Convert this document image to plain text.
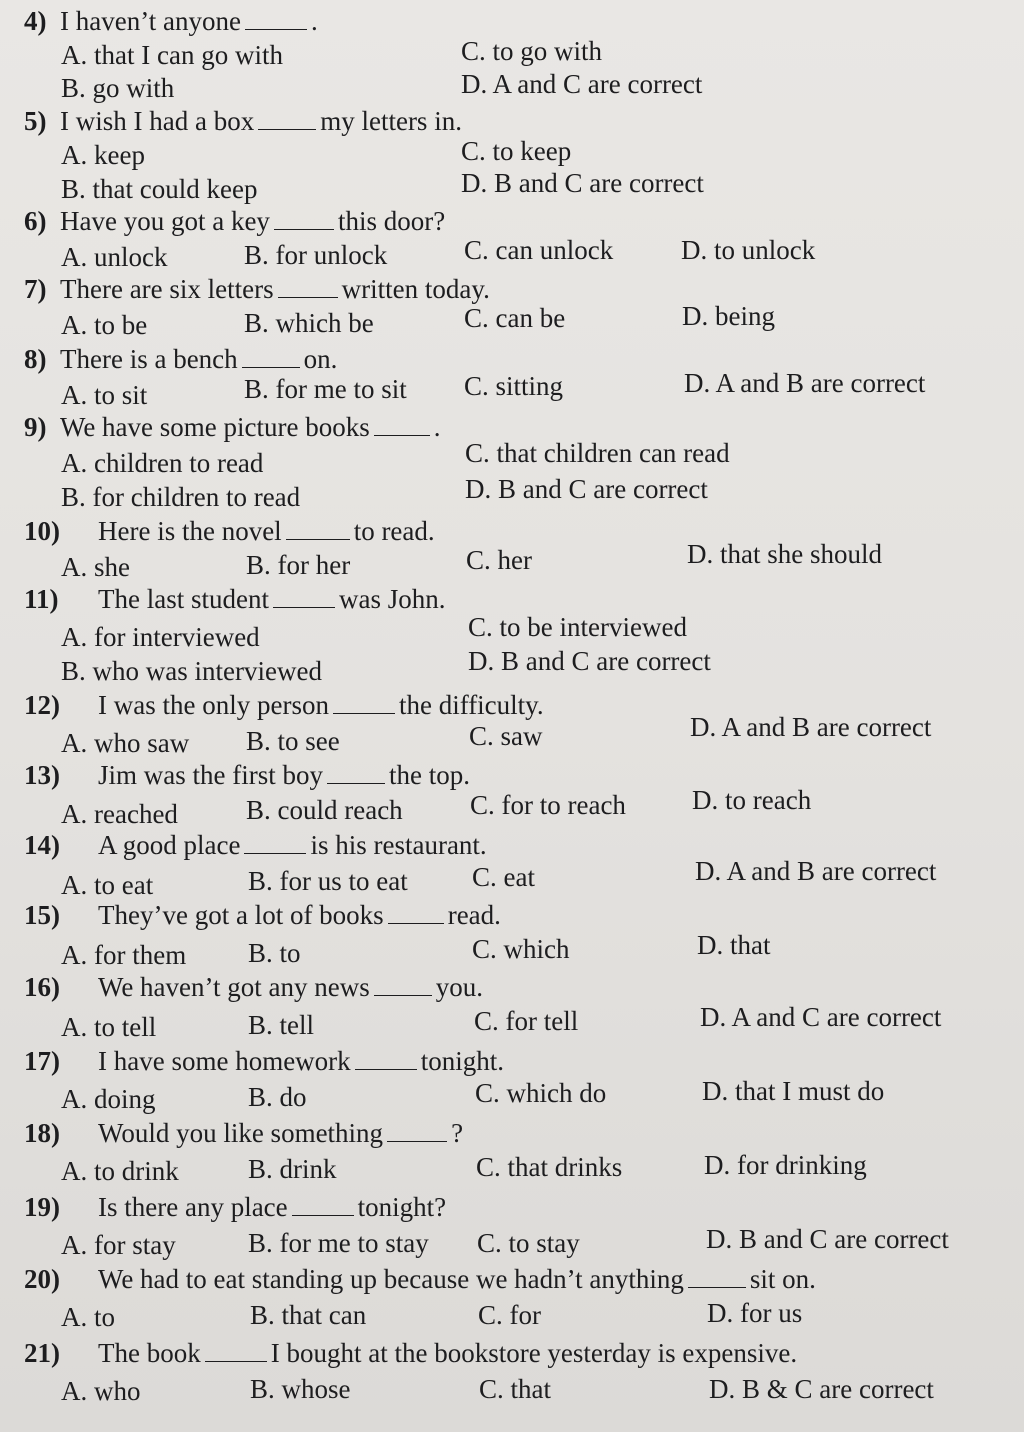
4) I haven’t anyone	.
A. that I can go with
B. go with
C. to go with
D. A and C are correct
5) I wish I had a box my letters in.
A. keep
B. that could keep
C. to keep
D. B and C are correct
6) Have you got a key	this door?
A. unlock	B. for unlock	C. can unlock	D. to unlock
7) There are six letters	written today.
A. to be	B. which be	C. can be	D. being
8) There is a bench on.
A. to sit	B. for me to sit C. sitting	D. A and B are correct
9) We have some picture books .
A. children to read
B. for children to read
C. that children can read
D. B and C are correct
10) Here is the novel	to read.
A. she	B. for her	C. her	D. that she should
11) The last student	was John.
A. for interviewed
B. who was interviewed
C. to be interviewed
D. B and C are correct
12) I was the only person	the difficulty.
A. who saw B. to see	C. saw	D. A and B are correct
13) Jim was the first boy the top.
A. reached	B. could reach C. for to reach D. to reach
14) A good place	is his restaurant.
A. to eat	B. for us to eat C. eat	D. A and B are correct
15) They’ve got a lot of books read.
A. for them B. to	C. which	D. that
16) We haven’t got any news you.
A. to tell	B. tell	C. for tell	D. A and C are correct
17) I have some homework	tonight.
A. doing	B. do	C. which do	D. that I must do
18) Would you like something	?
A. to drink	B. drink	C. that drinks	D. for drinking
19) Is there any place	tonight?
A. for stay	B. for me to stay C. to stay	D. B and C are correct
20) We had to eat standing up because we hadn’t anything sit on.
A. to	B. that can	C. for	D. for us
21) The book	I bought at the bookstore yesterday is expensive.
A. who	B. whose	C. that	D. B & C are correct
